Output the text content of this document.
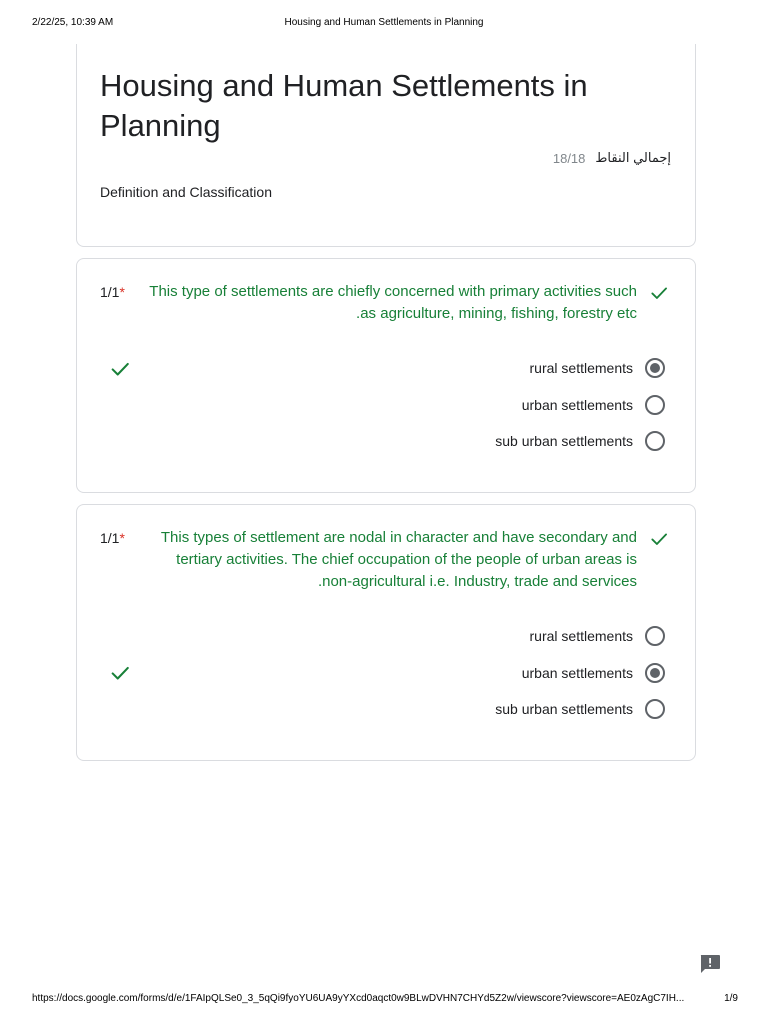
2/22/25, 10:39 AM	Housing and Human Settlements in Planning
Housing and Human Settlements in Planning
18/18 إجمالي النقاط
Definition and Classification
1/1* This type of settlements are chiefly concerned with primary activities such
.as agriculture, mining, fishing, forestry etc
rural settlements
urban settlements
sub urban settlements
1/1* This types of settlement are nodal in character and have secondary and
tertiary activities. The chief occupation of the people of urban areas is
.non-agricultural i.e. Industry, trade and services
rural settlements
urban settlements
sub urban settlements
https://docs.google.com/forms/d/e/1FAIpQLSe0_3_5qQi9fyoYU6UA9yYXcd0aqct0w9BLwDVHN7CHYd5Z2w/viewscore?viewscore=AE0zAgC7IH...	1/9
